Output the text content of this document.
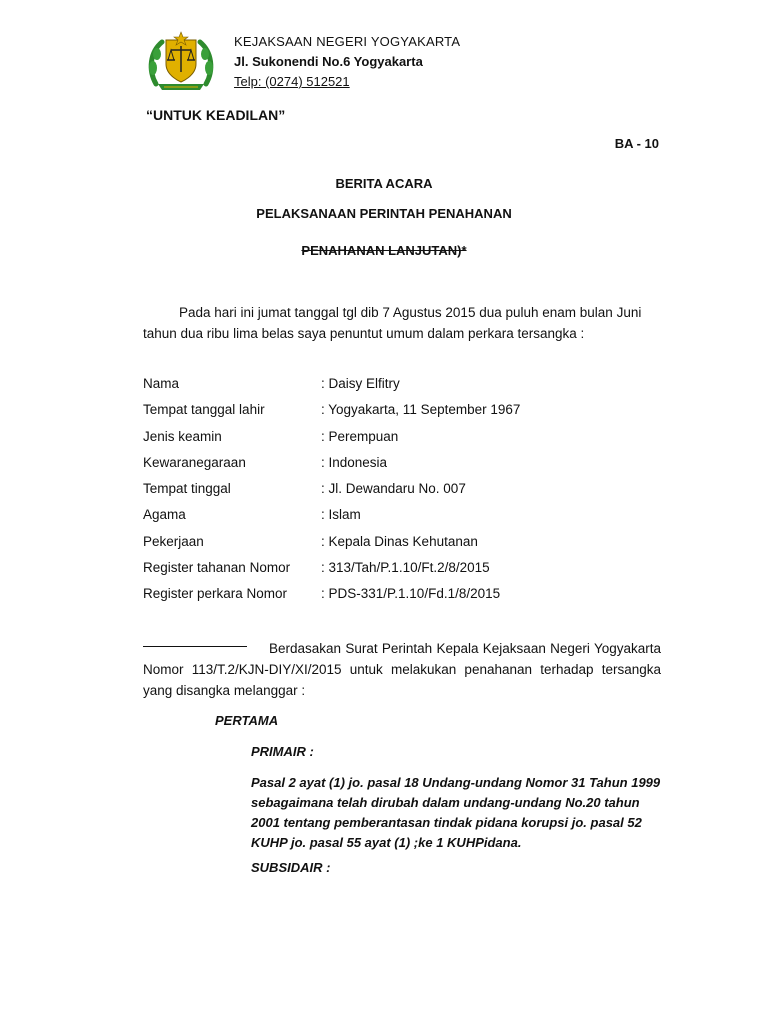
KEJAKSAAN NEGERI YOGYAKARTA
Jl. Sukonendi No.6 Yogyakarta
Telp: (0274) 512521
“UNTUK KEADILAN”
BA - 10
BERITA ACARA
PELAKSANAAN PERINTAH PENAHANAN
PENAHANAN LANJUTAN)*
Pada hari ini jumat tanggal tgl dib 7 Agustus 2015 dua puluh enam bulan Juni tahun dua ribu lima belas saya penuntut umum dalam perkara tersangka :
Nama	: Daisy Elfitry
Tempat tanggal lahir	: Yogyakarta, 11 September 1967
Jenis keamin	: Perempuan
Kewaranegaraan	: Indonesia
Tempat tinggal	: Jl. Dewandaru No. 007
Agama	: Islam
Pekerjaan	: Kepala Dinas Kehutanan
Register tahanan Nomor	: 313/Tah/P.1.10/Ft.2/8/2015
Register perkara Nomor	: PDS-331/P.1.10/Fd.1/8/2015
Berdasakan Surat Perintah Kepala Kejaksaan Negeri Yogyakarta Nomor 113/T.2/KJN-DIY/XI/2015 untuk melakukan penahanan terhadap tersangka yang disangka melanggar :
PERTAMA
PRIMAIR :
Pasal 2 ayat (1) jo. pasal 18 Undang-undang Nomor 31 Tahun 1999 sebagaimana telah dirubah dalam undang-undang No.20 tahun 2001 tentang pemberantasan tindak pidana korupsi jo. pasal 52 KUHP jo. pasal 55 ayat (1) ;ke 1 KUHPidana.
SUBSIDAIR :
